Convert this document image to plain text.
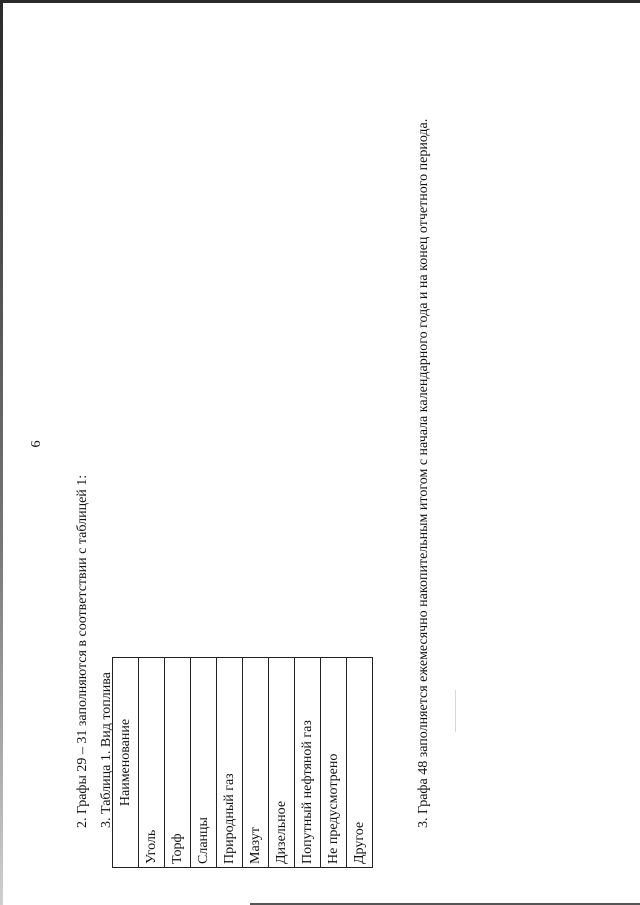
6
2. Графы 29 – 31 заполняются в соответствии с таблицей 1: 3. Таблица 1. Вид топлива Наименование
Уголь
Торф
Сланцы
Природный газ
Мазут
Дизельное
Попутный нефтяной газ
Не предусмотрено
Другое
3. Графа 48 заполняется ежемесячно накопительным итогом с начала календарного года и на конец отчетного периода.
